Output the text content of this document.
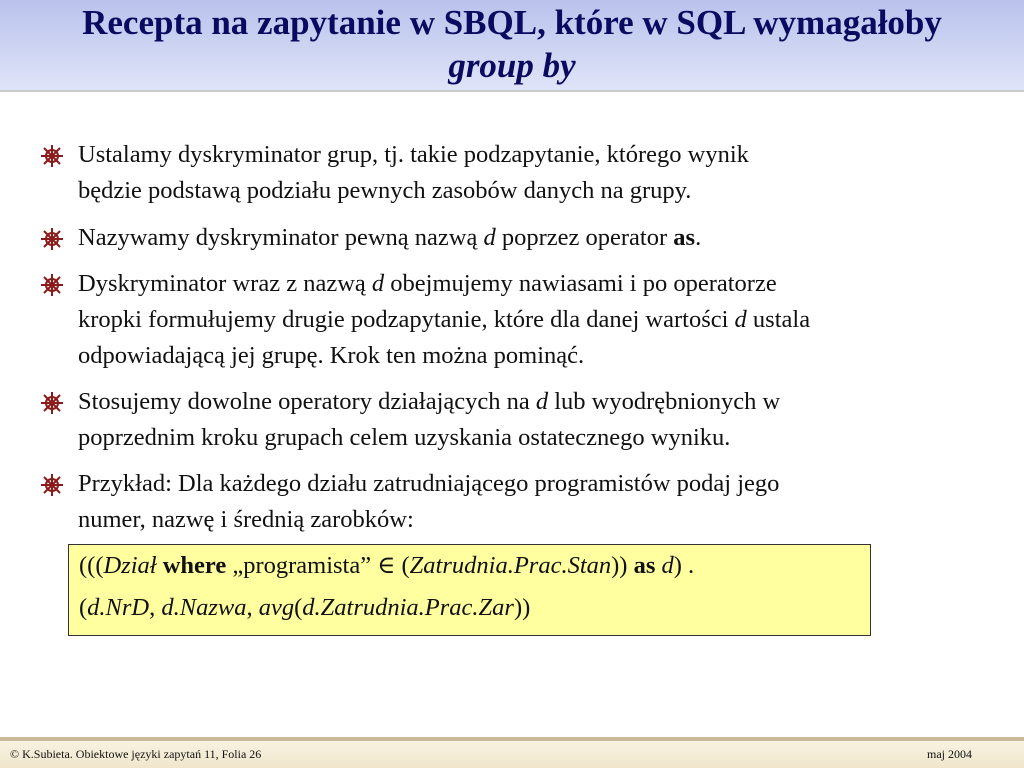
Recepta na zapytanie w SBQL, które w SQL wymagałoby
group by
Ustalamy dyskryminator grup, tj. takie podzapytanie, którego wynik
będzie podstawą podziału pewnych zasobów danych na grupy.
Nazywamy dyskryminator pewną nazwą d poprzez operator as.
Dyskryminator wraz z nazwą d obejmujemy nawiasami i po operatorze
kropki formułujemy drugie podzapytanie, które dla danej wartości d ustala
odpowiadającą jej grupę. Krok ten można pominąć.
Stosujemy dowolne operatory działających na d lub wyodrębnionych w
poprzednim kroku grupach celem uzyskania ostatecznego wyniku.
Przykład: Dla każdego działu zatrudniającego programistów podaj jego
numer, nazwę i średnią zarobków:
(((Dział where „programista” ∈ (Zatrudnia.Prac.Stan)) as d) .
(d.NrD, d.Nazwa, avg(d.Zatrudnia.Prac.Zar))
© K.Subieta. Obiektowe języki zapytań 11, Folia 26	maj 2004
